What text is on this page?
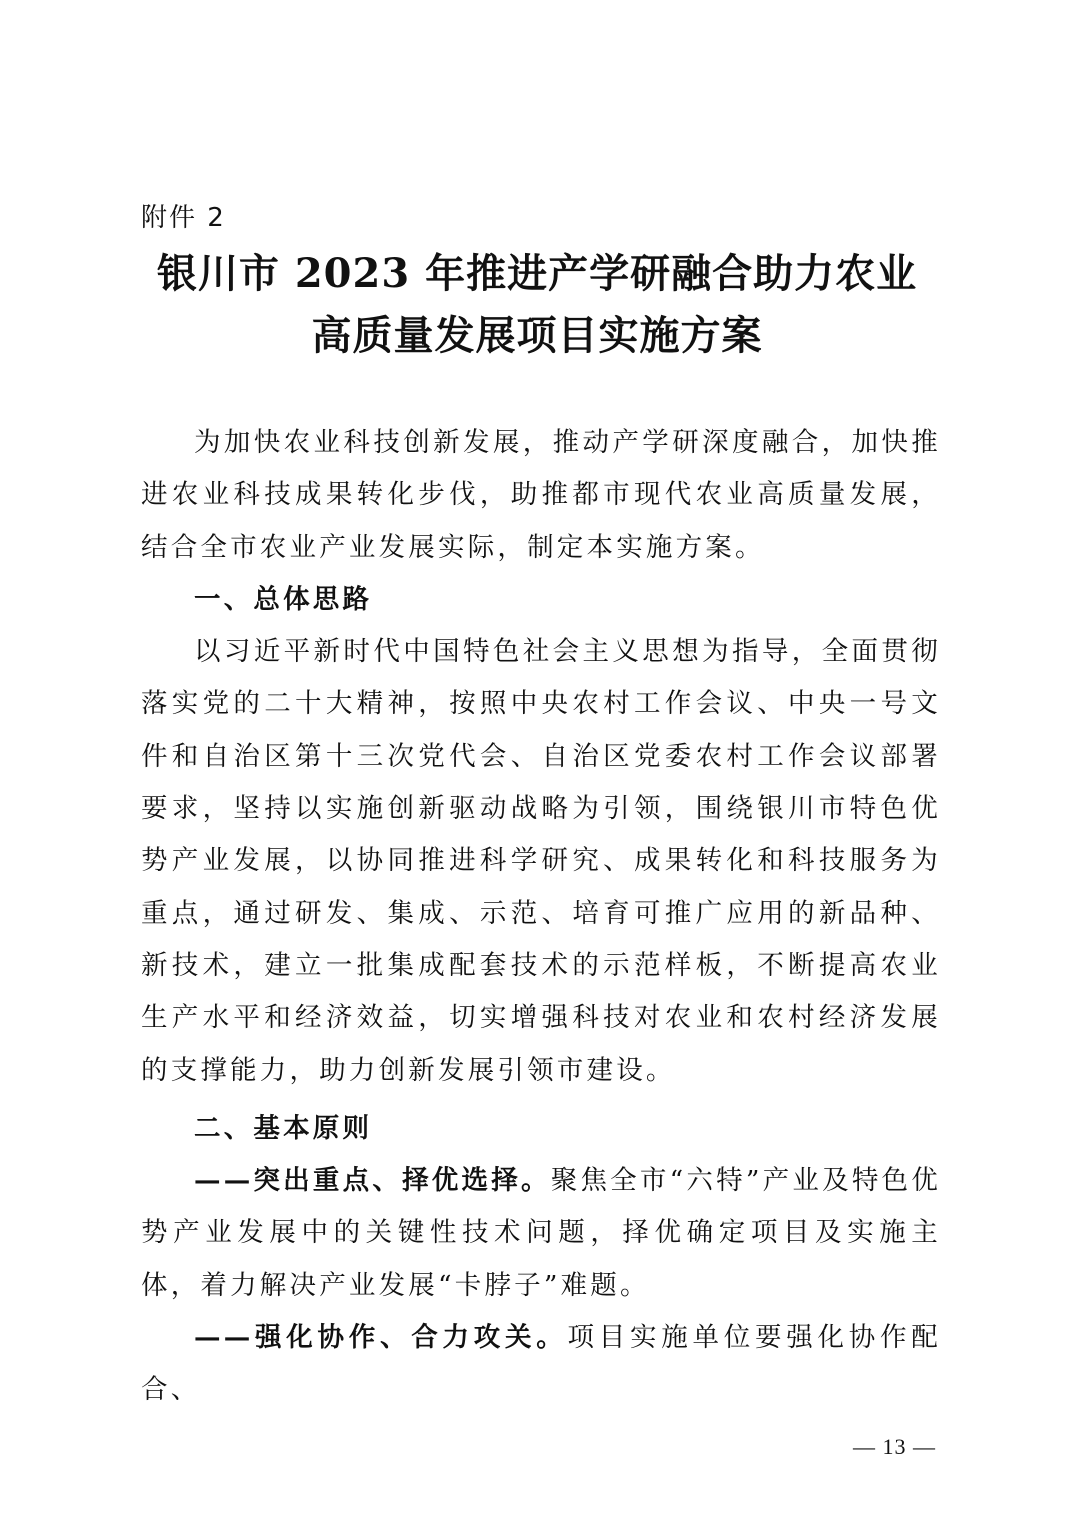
附件 2
银川市 2023 年推进产学研融合助力农业
高质量发展项目实施方案

为加快农业科技创新发展，推动产学研深度融合，加快推进农业科技成果转化步伐，助推都市现代农业高质量发展，结合全市农业产业发展实际，制定本实施方案。

一、总体思路

以习近平新时代中国特色社会主义思想为指导，全面贯彻落实党的二十大精神，按照中央农村工作会议、中央一号文件和自治区第十三次党代会、自治区党委农村工作会议部署要求，坚持以实施创新驱动战略为引领，围绕银川市特色优势产业发展，以协同推进科学研究、成果转化和科技服务为重点，通过研发、集成、示范、培育可推广应用的新品种、新技术，建立一批集成配套技术的示范样板，不断提高农业生产水平和经济效益，切实增强科技对农业和农村经济发展的支撑能力，助力创新发展引领市建设。

二、基本原则

——突出重点、择优选择。聚焦全市“六特”产业及特色优势产业发展中的关键性技术问题，择优确定项目及实施主体，着力解决产业发展“卡脖子”难题。

——强化协作、合力攻关。项目实施单位要强化协作配合、

— 13 —
